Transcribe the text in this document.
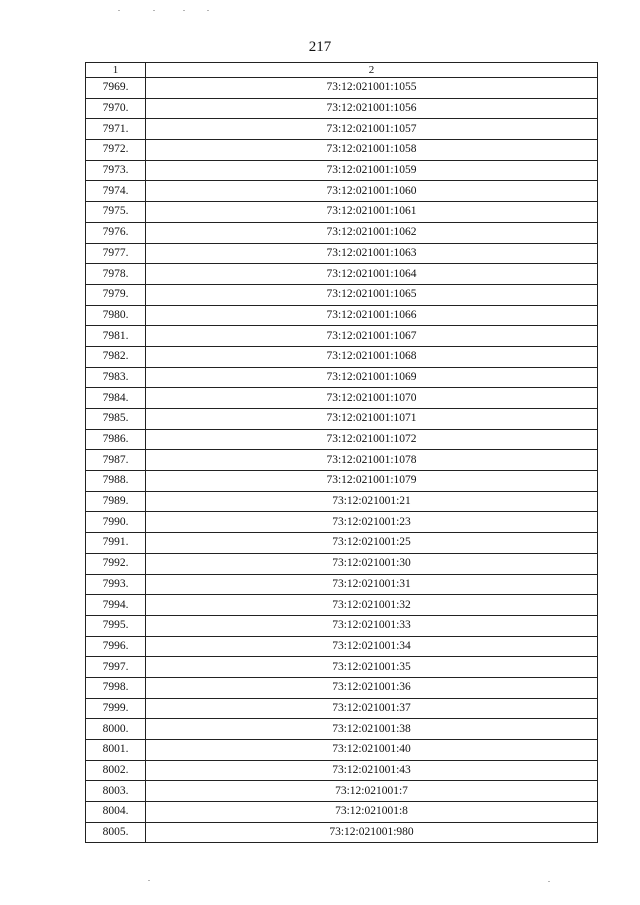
217
1	2
7969.	73:12:021001:1055
7970.	73:12:021001:1056
7971.	73:12:021001:1057
7972.	73:12:021001:1058
7973.	73:12:021001:1059
7974.	73:12:021001:1060
7975.	73:12:021001:1061
7976.	73:12:021001:1062
7977.	73:12:021001:1063
7978.	73:12:021001:1064
7979.	73:12:021001:1065
7980.	73:12:021001:1066
7981.	73:12:021001:1067
7982.	73:12:021001:1068
7983.	73:12:021001:1069
7984.	73:12:021001:1070
7985.	73:12:021001:1071
7986.	73:12:021001:1072
7987.	73:12:021001:1078
7988.	73:12:021001:1079
7989.	73:12:021001:21
7990.	73:12:021001:23
7991.	73:12:021001:25
7992.	73:12:021001:30
7993.	73:12:021001:31
7994.	73:12:021001:32
7995.	73:12:021001:33
7996.	73:12:021001:34
7997.	73:12:021001:35
7998.	73:12:021001:36
7999.	73:12:021001:37
8000.	73:12:021001:38
8001.	73:12:021001:40
8002.	73:12:021001:43
8003.	73:12:021001:7
8004.	73:12:021001:8
8005.	73:12:021001:980
